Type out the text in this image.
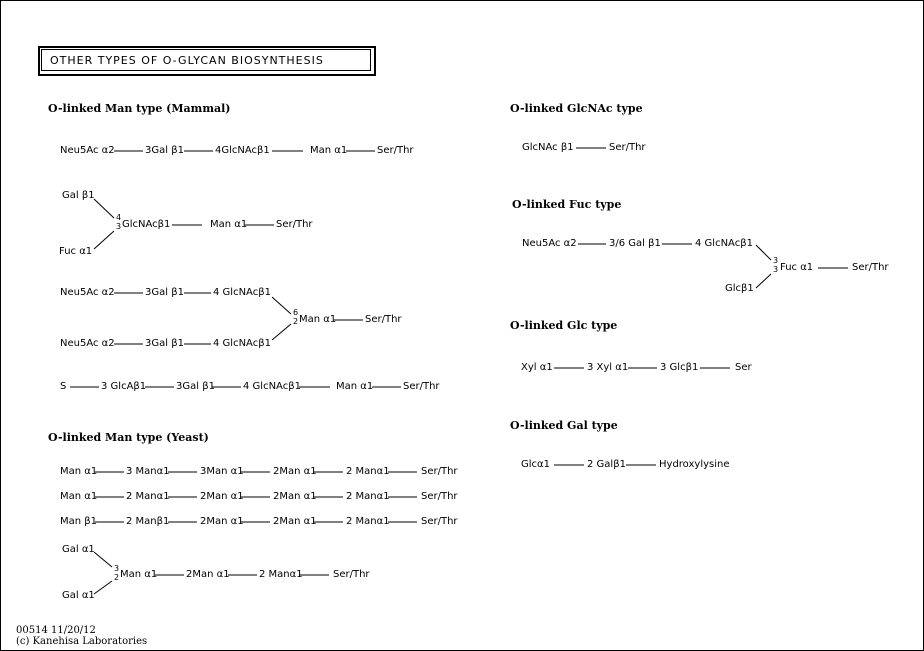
OTHER TYPES OF O-GLYCAN BIOSYNTHESIS
O-linked Man type (Mammal)
O-linked Man type (Yeast)
O-linked GlcNAc type
O-linked Fuc type
O-linked Glc type
O-linked Gal type
Neu5Ac α2	3Gal β1	4GlcNAcβ1	Man α1	Ser/Thr
Gal β1
Fuc α1
4
3 GlcNAcβ1	Man α1	Ser/Thr
Neu5Ac α2	3Gal β1	4 GlcNAcβ1
Neu5Ac α2	3Gal β1	4 GlcNAcβ1
6
2 Man α1	Ser/Thr
S	3 GlcAβ1	3Gal β1	4 GlcNAcβ1	Man α1	Ser/Thr
Man α1	3 Manα1	3Man α1	2Man α1	2 Manα1	Ser/Thr
Man α1	2 Manα1	2Man α1	2Man α1	2 Manα1	Ser/Thr
Man β1	2 Manβ1	2Man α1	2Man α1	2 Manα1	Ser/Thr
Gal α1
Gal α1
3
2 Man α1	2Man α1	2 Manα1	Ser/Thr
GlcNAc β1	Ser/Thr
Neu5Ac α2	3/6 Gal β1	4 GlcNAcβ1
Glcβ1
3
3 Fuc α1	Ser/Thr
Xyl α1	3 Xyl α1	3 Glcβ1	Ser
Glcα1	2 Galβ1	Hydroxylysine
00514 11/20/12
(c) Kanehisa Laboratories
